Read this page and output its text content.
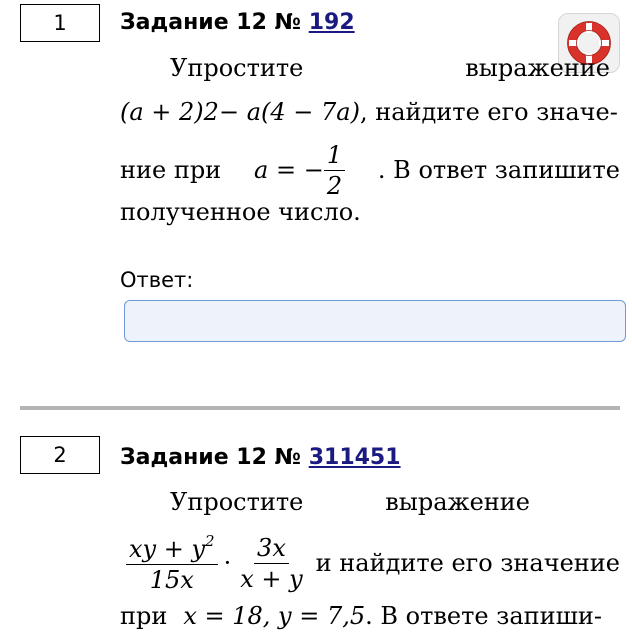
1 Задание 12 № 192
Упростите	выражение
(a + 2) 2 − a(4 − 7a) , найдите его значе-
ние при a = − $\frac{1}{2}$ . В ответ запишите
полученное число.
Ответ:
2 Задание 12 № 311451
Упростите	выражение
$\frac{xy + y^2}{15x} \cdot \frac{3x}{x + y}$ и найдите его значение
при x = 18, y = 7,5 . В ответе запиши-
